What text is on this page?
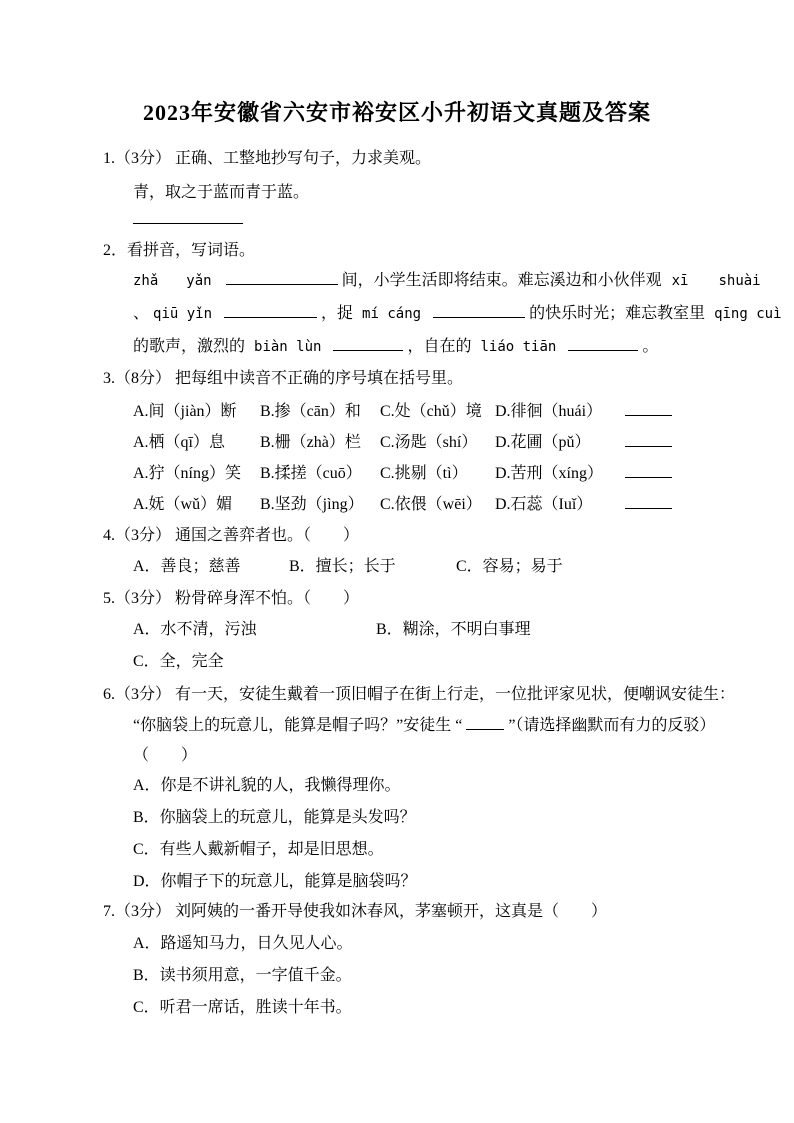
2023年安徽省六安市裕安区小升初语文真题及答案
1.（3分） 正确、工整地抄写句子，力求美观。
青，取之于蓝而青于蓝。
2．看拼音，写词语。
zhǎ yǎn	间，小学生活即将结束。难忘溪边和小伙伴观 xī shuài
、 qiū yǐn	，捉 mí cáng	的快乐时光；难忘教室里 qīng cuì
的歌声，激烈的 biàn lùn	，自在的 liáo tiān	。
3.（8分） 把每组中读音不正确的序号填在括号里。
A.间（jiàn）断	B.掺（cān）和	C.处（chǔ）境 D.徘徊（huái）
A.栖（qī）息	B.栅（zhà）栏	C.汤匙（shí）	D.花圃（pǔ）
A.狞（níng）笑	B.揉搓（cuō）	C.挑剔（tì）	D.苦刑（xíng）
A.妩（wǔ）媚	B.坚劲（jìng）	C.依偎（wēi） D.石蕊（Iuǐ）
4.（3分） 通国之善弈者也。（　　）
A．善良；慈善	B．擅长；长于	C．容易；易于
5.（3分） 粉骨碎身浑不怕。（　　）
A．水不清，污浊	B．糊涂，不明白事理
C．全，完全
6.（3分） 有一天，安徒生戴着一顶旧帽子在街上行走，一位批评家见状，便嘲讽安徒生：
“你脑袋上的玩意儿，能算是帽子吗？”安徒生 “	”（请选择幽默而有力的反驳）
（　　）
A．你是不讲礼貌的人，我懒得理你。
B．你脑袋上的玩意儿，能算是头发吗？
C．有些人戴新帽子，却是旧思想。
D．你帽子下的玩意儿，能算是脑袋吗？
7.（3分） 刘阿姨的一番开导使我如沐春风，茅塞顿开，这真是（　　）
A．路遥知马力，日久见人心。
B．读书须用意，一字值千金。
C．听君一席话，胜读十年书。
